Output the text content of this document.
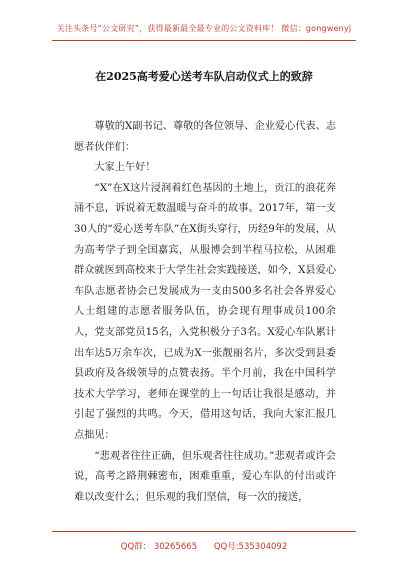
关注头条号“公文研究”，获得最新最全最专业的公文资料库！ 微信：gongwenyj
在2025高考爱心送考车队启动仪式上的致辞

尊敬的X副书记、尊敬的各位领导、企业爱心代表、志愿者伙伴们：

大家上午好！

“X”在X这片浸润着红色基因的土地上，贡江的浪花奔涌不息，诉说着无数温暖与奋斗的故事。2017年，第一支30人的“爱心送考车队”在X街头穿行，历经9年的发展，从为高考学子到全国嘉宾，从服博会到半程马拉松，从困难群众就医到高校来于大学生社会实践接送，如今，X县爱心车队志愿者协会已发展成为一支由500多名社会各界爱心人士组建的志愿者服务队伍，协会现有理事成员100余人，党支部党员15名，入党积极分子3名。X爱心车队累计出车达5万余车次，已成为X一张靓丽名片，多次受到县委县政府及各级领导的点赞表扬。半个月前，我在中国科学技术大学学习，老师在课堂的上一句话让我很是感动，并引起了强烈的共鸣。今天，借用这句话，我向大家汇报几点拙见：

“悲观者往往正确，但乐观者往往成功。”悲观者或许会说，高考之路荆棘密布，困难重重，爱心车队的付出或许难以改变什么；但乐观的我们坚信，每一次的接送，

QQ群： 30265665 QQ号:535304092
